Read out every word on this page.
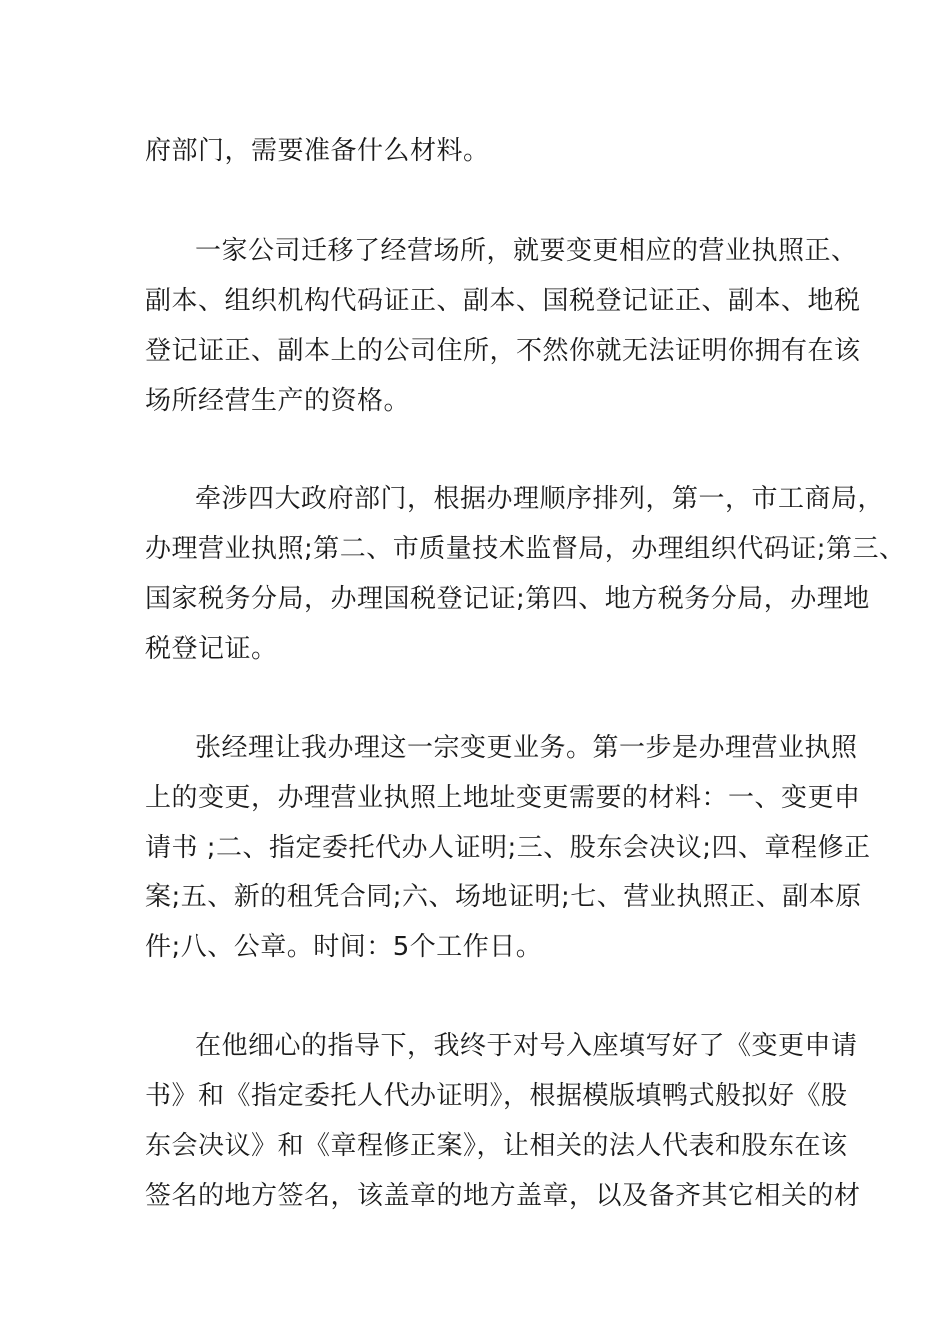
府部门，需要准备什么材料。
一家公司迁移了经营场所，就要变更相应的营业执照正、
副本、组织机构代码证正、副本、国税登记证正、副本、地税
登记证正、副本上的公司住所，不然你就无法证明你拥有在该
场所经营生产的资格。
牵涉四大政府部门，根据办理顺序排列，第一，市工商局，
办理营业执照;第二、市质量技术监督局，办理组织代码证;第三、
国家税务分局，办理国税登记证;第四、地方税务分局，办理地
税登记证。
张经理让我办理这一宗变更业务。第一步是办理营业执照
上的变更，办理营业执照上地址变更需要的材料：一、变更申
请书 ;二、指定委托代办人证明;三、股东会决议;四、章程修正
案;五、新的租凭合同;六、场地证明;七、营业执照正、副本原
件;八、公章。时间：5个工作日。
在他细心的指导下，我终于对号入座填写好了《变更申请
书》和《指定委托人代办证明》，根据模版填鸭式般拟好《股
东会决议》和《章程修正案》，让相关的法人代表和股东在该
签名的地方签名，该盖章的地方盖章，以及备齐其它相关的材
